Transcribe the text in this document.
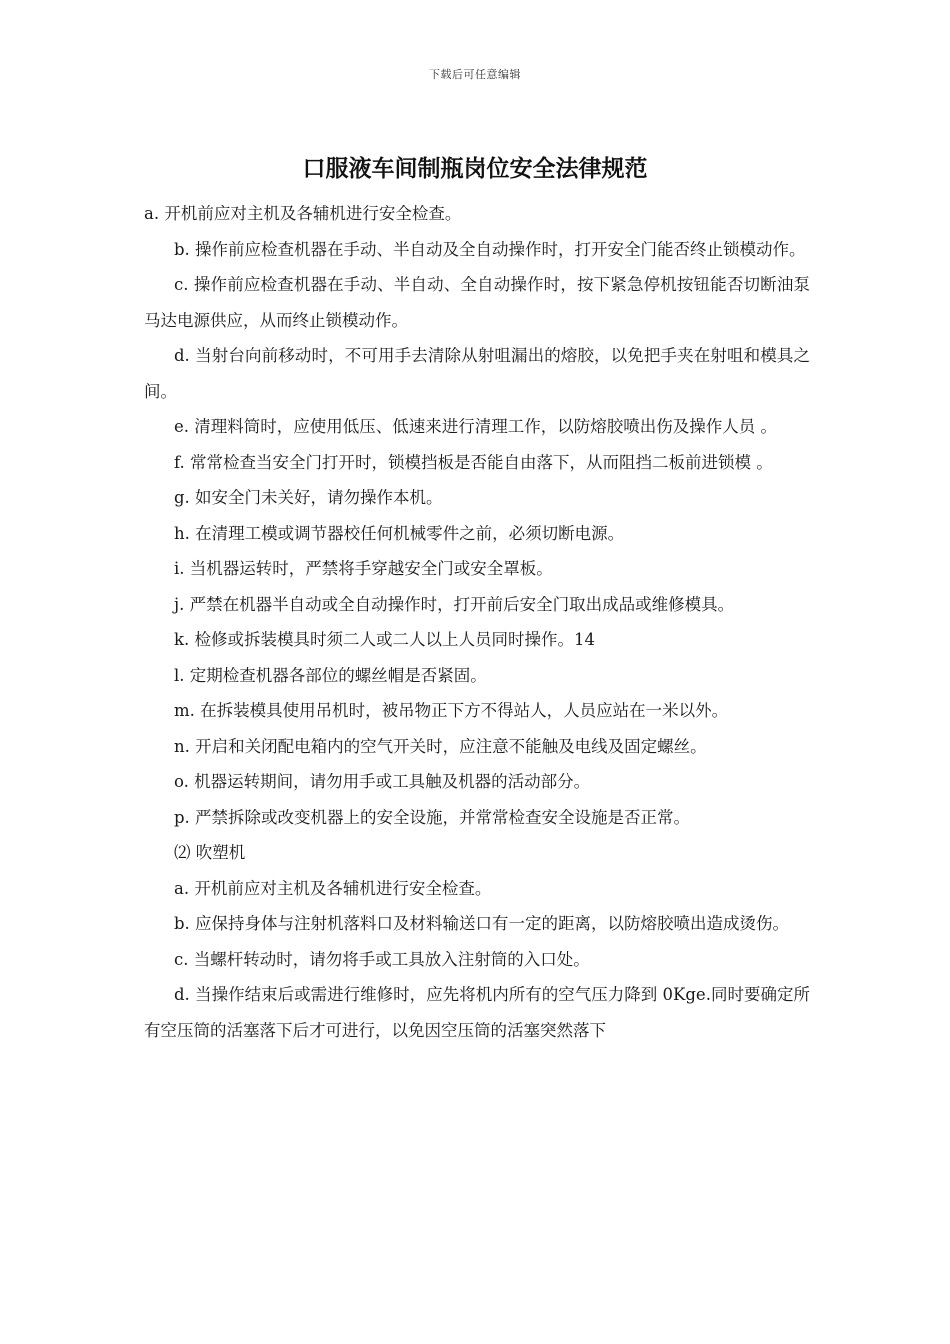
下载后可任意编辑
口服液车间制瓶岗位安全法律规范

a. 开机前应对主机及各辅机进行安全检查。

b. 操作前应检查机器在手动、半自动及全自动操作时，打开安全门能否终止锁模动作。

c. 操作前应检查机器在手动、半自动、全自动操作时，按下紧急停机按钮能否切断油泵马达电源供应，从而终止锁模动作。

d. 当射台向前移动时，不可用手去清除从射咀漏出的熔胶，以免把手夹在射咀和模具之间。

e. 清理料筒时，应使用低压、低速来进行清理工作，以防熔胶喷出伤及操作人员 。

f. 常常检查当安全门打开时，锁模挡板是否能自由落下，从而阻挡二板前进锁模 。

g. 如安全门未关好，请勿操作本机。

h. 在清理工模或调节器校任何机械零件之前，必须切断电源。

i. 当机器运转时，严禁将手穿越安全门或安全罩板。

j. 严禁在机器半自动或全自动操作时，打开前后安全门取出成品或维修模具。

k. 检修或拆装模具时须二人或二人以上人员同时操作。14

l. 定期检查机器各部位的螺丝帽是否紧固。

m. 在拆装模具使用吊机时，被吊物正下方不得站人，人员应站在一米以外。

n. 开启和关闭配电箱内的空气开关时，应注意不能触及电线及固定螺丝。

o. 机器运转期间，请勿用手或工具触及机器的活动部分。

p. 严禁拆除或改变机器上的安全设施，并常常检查安全设施是否正常。

⑵ 吹塑机

a. 开机前应对主机及各辅机进行安全检查。

b. 应保持身体与注射机落料口及材料输送口有一定的距离，以防熔胶喷出造成烫伤。

c. 当螺杆转动时，请勿将手或工具放入注射筒的入口处。

d. 当操作结束后或需进行维修时，应先将机内所有的空气压力降到 0Kge.同时要确定所有空压筒的活塞落下后才可进行，以免因空压筒的活塞突然落下
